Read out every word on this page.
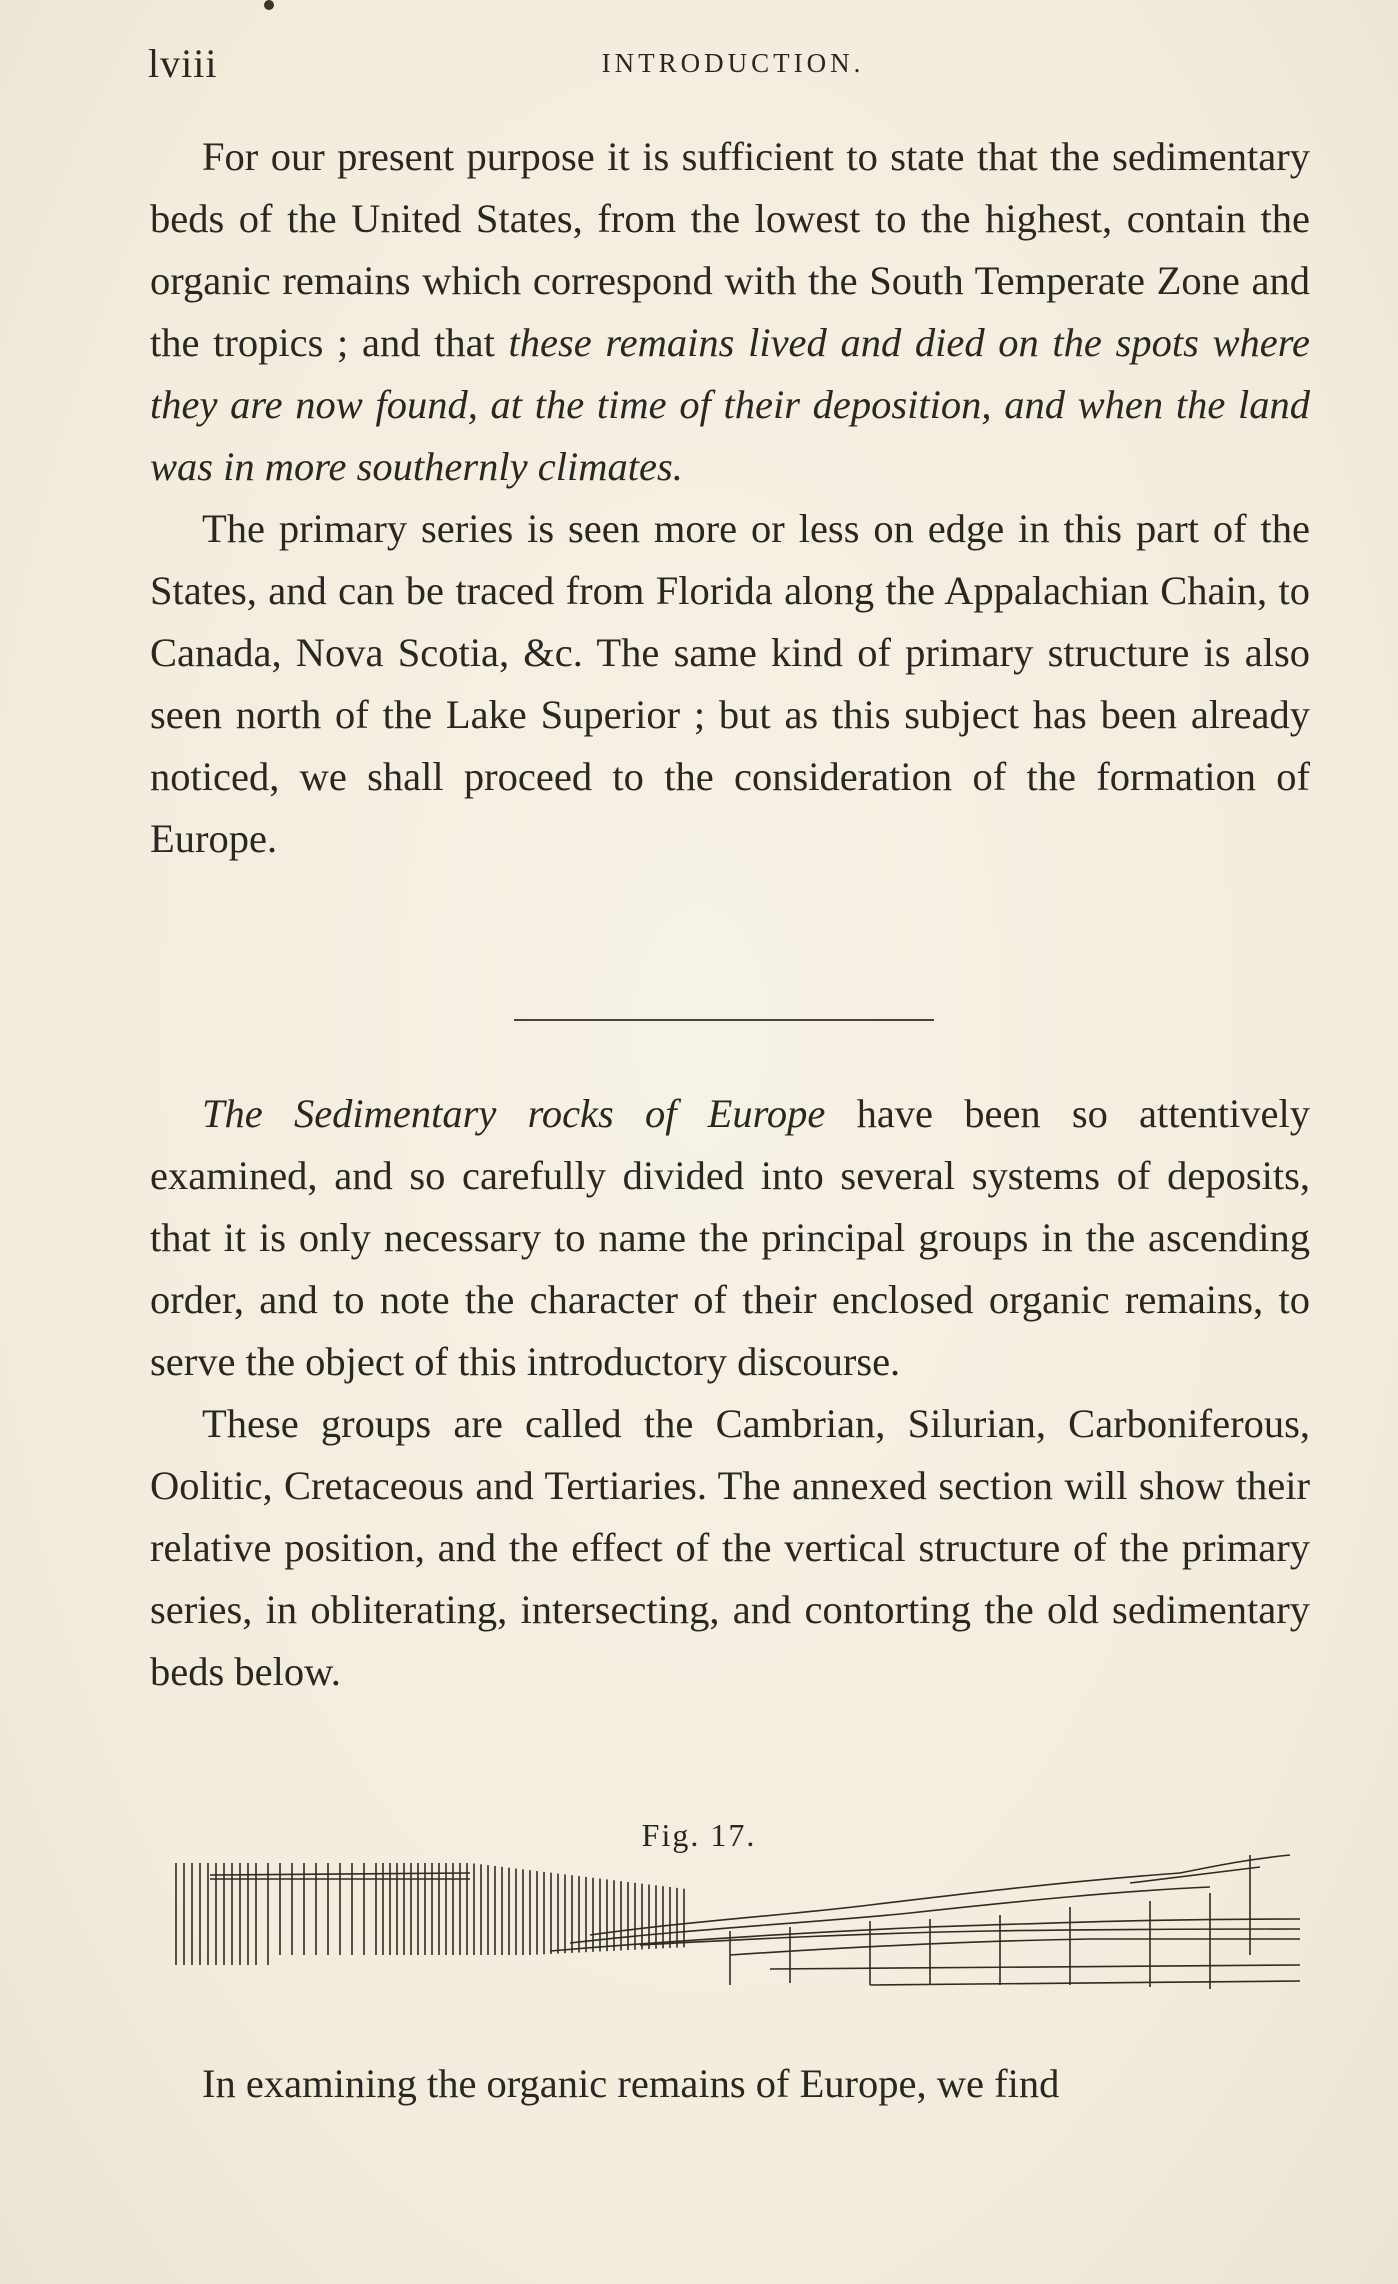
lviii	INTRODUCTION.

For our present purpose it is sufficient to state that the sedimentary beds of the United States, from the lowest to the highest, contain the organic remains which correspond with the South Temperate Zone and the tropics ; and that these remains lived and died on the spots where they are now found, at the time of their deposition, and when the land was in more southernly climates.

The primary series is seen more or less on edge in this part of the States, and can be traced from Florida along the Appalachian Chain, to Canada, Nova Scotia, &c. The same kind of primary structure is also seen north of the Lake Superior ; but as this subject has been already noticed, we shall proceed to the consideration of the formation of Europe.

The Sedimentary rocks of Europe have been so attentively examined, and so carefully divided into several systems of deposits, that it is only necessary to name the principal groups in the ascending order, and to note the character of their enclosed organic remains, to serve the object of this introductory discourse.

These groups are called the Cambrian, Silurian, Carboniferous, Oolitic, Cretaceous and Tertiaries. The annexed section will show their relative position, and the effect of the vertical structure of the primary series, in obliterating, intersecting, and contorting the old sedimentary beds below.

Fig. 17.

In examining the organic remains of Europe, we find
